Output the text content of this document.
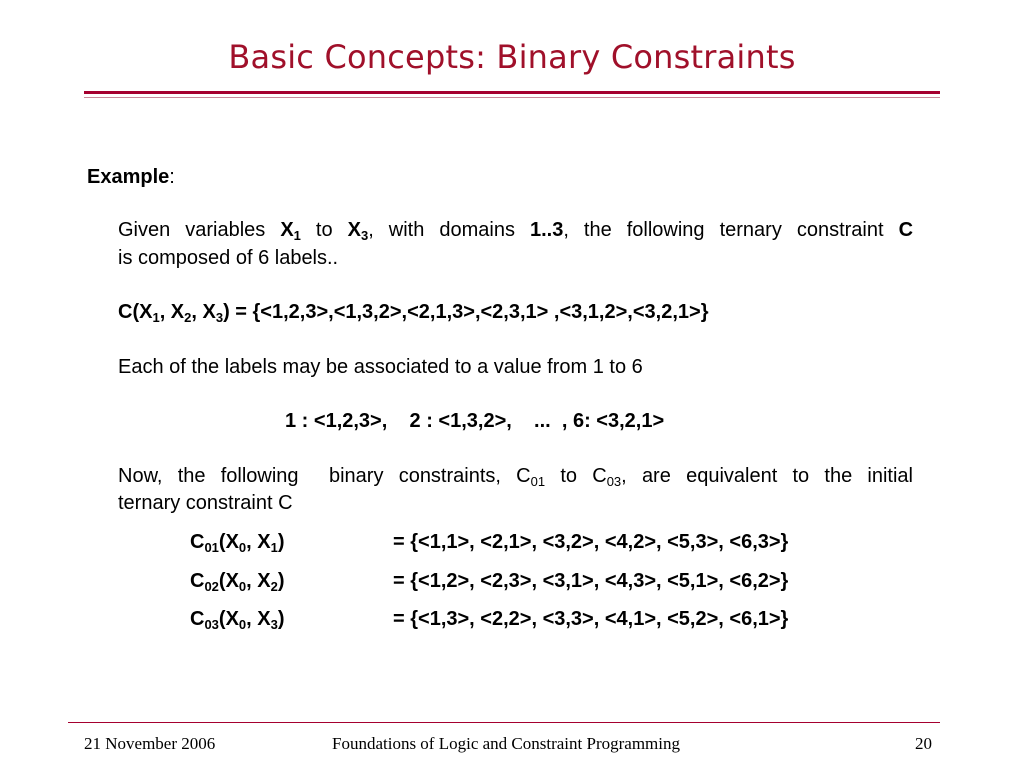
Basic Concepts: Binary Constraints
Example:
Given variables $X_1$ to $X_3$, with domains 1..3, the following ternary constraint C
is composed of 6 labels..
$C(X_1$, $X_2$, $X_3) = \{<1,2,3>,<1,3,2>,<2,1,3>,<2,3,1> ,<3,1,2>,<3,2,1>\}$
Each of the labels may be associated to a value from 1 to 6
1 : <1,2,3>,    2 : <1,3,2>,    ...  , 6: <3,2,1>
Now, the following  binary constraints, $C_{01}$ to $C_{03}$, are equivalent to the initial
ternary constraint C
$C_{01}(X_0$, $X_1$)	= {<1,1>, <2,1>, <3,2>, <4,2>, <5,3>, <6,3>}
$C_{02}(X_0$, $X_2$)	= {<1,2>, <2,3>, <3,1>, <4,3>, <5,1>, <6,2>}
$C_{03}(X_0$, $X_3$)	= {<1,3>, <2,2>, <3,3>, <4,1>, <5,2>, <6,1>}
21 November 2006	Foundations of Logic and Constraint Programming	20
